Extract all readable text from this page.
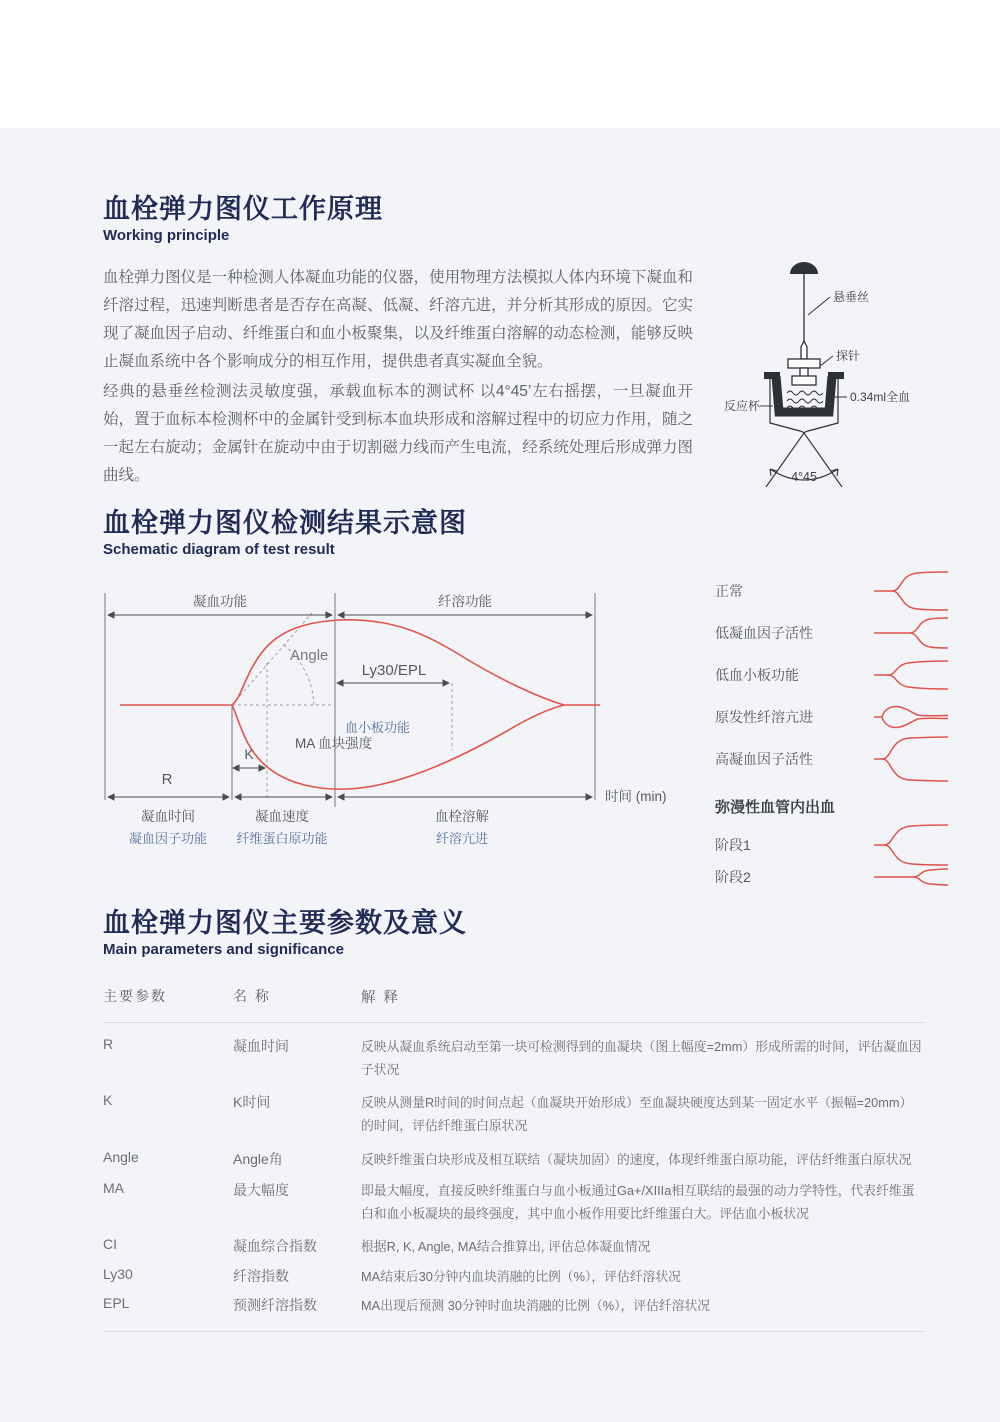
血栓弹力图仪工作原理
Working principle
血栓弹力图仪是一种检测人体凝血功能的仪器，使用物理方法模拟人体内环境下凝血和纤溶过程，迅速判断患者是否存在高凝、低凝、纤溶亢进，并分析其形成的原因。它实现了凝血因子启动、纤维蛋白和血小板聚集，以及纤维蛋白溶解的动态检测，能够反映止凝血系统中各个影响成分的相互作用，提供患者真实凝血全貌。
经典的悬垂丝检测法灵敏度强，承载血标本的测试杯 以4°45’左右摇摆，一旦凝血开始，置于血标本检测杯中的金属针受到标本血块形成和溶解过程中的切应力作用，随之一起左右旋动；金属针在旋动中由于切割磁力线而产生电流，经系统处理后形成弹力图曲线。
悬垂丝
探针
0.34ml全血
反应杯
4°45
血栓弹力图仪检测结果示意图
Schematic diagram of test result
凝血功能	纤溶功能
Angle
Ly30/EPL
血小板功能
MA 血块强度
K
R
凝血时间
凝血因子功能
凝血速度
纤维蛋白原功能
血栓溶解
纤溶亢进
时间 (min)
正常
低凝血因子活性
低血小板功能
原发性纤溶亢进
高凝血因子活性
弥漫性血管内出血
阶段1
阶段2
血栓弹力图仪主要参数及意义
Main parameters and significance
主要参数	名 称	解 释
R	凝血时间	反映从凝血系统启动至第一块可检测得到的血凝块（图上幅度=2mm）形成所需的时间，评估凝血因子状况
K	K时间	反映从测量R时间的时间点起（血凝块开始形成）至血凝块硬度达到某一固定水平（振幅=20mm）的时间，评估纤维蛋白原状况
Angle	Angle角	反映纤维蛋白块形成及相互联结（凝块加固）的速度，体现纤维蛋白原功能，评估纤维蛋白原状况
MA	最大幅度	即最大幅度，直接反映纤维蛋白与血小板通过Ga+/XIIIa相互联结的最强的动力学特性，代表纤维蛋白和血小板凝块的最终强度，其中血小板作用要比纤维蛋白大。评估血小板状况
CI	凝血综合指数	根据R, K, Angle, MA结合推算出, 评估总体凝血情况
Ly30	纤溶指数	MA结束后30分钟内血块消融的比例（%），评估纤溶状况
EPL	预测纤溶指数	MA出现后预测 30分钟时血块消融的比例（%），评估纤溶状况
